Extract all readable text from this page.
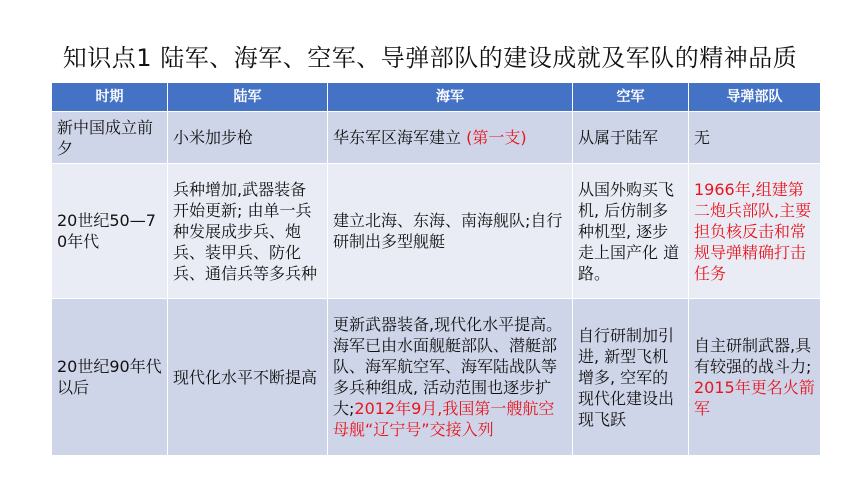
知识点1 陆军、海军、空军、导弹部队的建设成就及军队的精神品质
时期	陆军	海军	空军	导弹部队
新中国成立前夕	小米加步枪	华东军区海军建立 (第一支)	从属于陆军	无
20世纪50—70年代	兵种增加,武器装备开始更新; 由单一兵种发展成步兵、炮 兵、装甲兵、防化兵、通信兵等多兵种	建立北海、东海、南海舰队;自行研制出多型舰艇	从国外购买飞机, 后仿制多种机型, 逐步走上国产化 道路。	1966年,组建第二炮兵部队,主要担负核反击和常规导弹精确打击任务
20世纪90年代以后	现代化水平不断提高	更新武器装备,现代化水平提高。海军已由水面舰艇部队、潜艇部队、海军航空军、海军陆战队等多兵种组成, 活动范围也逐步扩大;2012年9月,我国第一艘航空母舰“辽宁号”交接入列	自行研制加引进, 新型飞机增多, 空军的现代化建设出现飞跃	自主研制武器,具有较强的战斗力;2015年更名火箭军
